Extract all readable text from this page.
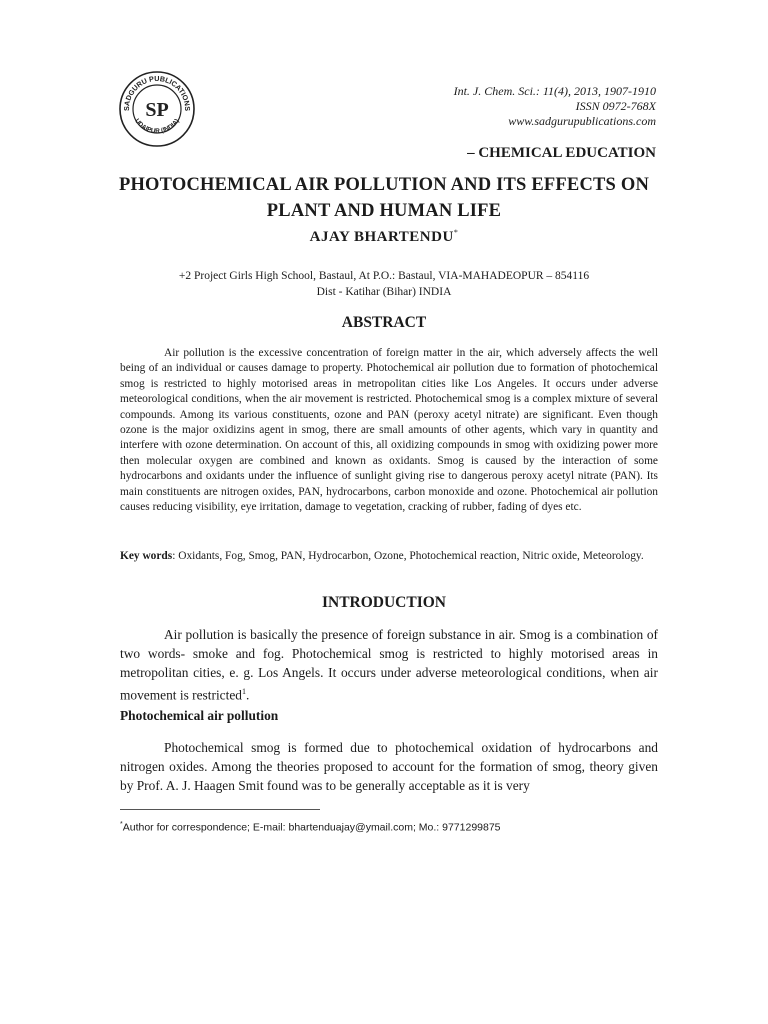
SADGURU PUBLICATIONS
UDAIPUR (INDIA)
SP
Int. J. Chem. Sci.: 11(4), 2013, 1907-1910
ISSN 0972-768X
www.sadgurupublications.com
– CHEMICAL EDUCATION
PHOTOCHEMICAL AIR POLLUTION AND ITS EFFECTS ON
PLANT AND HUMAN LIFE
AJAY BHARTENDU*
+2 Project Girls High School, Bastaul, At P.O.: Bastaul, VIA-MAHADEOPUR – 854116
Dist - Katihar (Bihar) INDIA
ABSTRACT
Air pollution is the excessive concentration of foreign matter in the air, which adversely affects the well being of an individual or causes damage to property. Photochemical air pollution due to formation of photochemical smog is restricted to highly motorised areas in metropolitan cities like Los Angeles. It occurs under adverse meteorological conditions, when the air movement is restricted. Photochemical smog is a complex mixture of several compounds. Among its various constituents, ozone and PAN (peroxy acetyl nitrate) are significant. Even though ozone is the major oxidizins agent in smog, there are small amounts of other agents, which vary in quantity and interfere with ozone determination. On account of this, all oxidizing compounds in smog with oxidizing power more then molecular oxygen are combined and known as oxidants. Smog is caused by the interaction of some hydrocarbons and oxidants under the influence of sunlight giving rise to dangerous peroxy acetyl nitrate (PAN). Its main constituents are nitrogen oxides, PAN, hydrocarbons, carbon monoxide and ozone. Photochemical air pollution causes reducing visibility, eye irritation, damage to vegetation, cracking of rubber, fading of dyes etc.
Key words: Oxidants, Fog, Smog, PAN, Hydrocarbon, Ozone, Photochemical reaction, Nitric oxide, Meteorology.
INTRODUCTION
Air pollution is basically the presence of foreign substance in air. Smog is a combination of two words- smoke and fog. Photochemical smog is restricted to highly motorised areas in metropolitan cities, e. g. Los Angels. It occurs under adverse meteorological conditions, when air movement is restricted$^1$.
Photochemical air pollution
Photochemical smog is formed due to photochemical oxidation of hydrocarbons and nitrogen oxides. Among the theories proposed to account for the formation of smog, theory given by Prof. A. J. Haagen Smit found was to be generally acceptable as it is very
*Author for correspondence; E-mail: bhartenduajay@ymail.com; Mo.: 9771299875
